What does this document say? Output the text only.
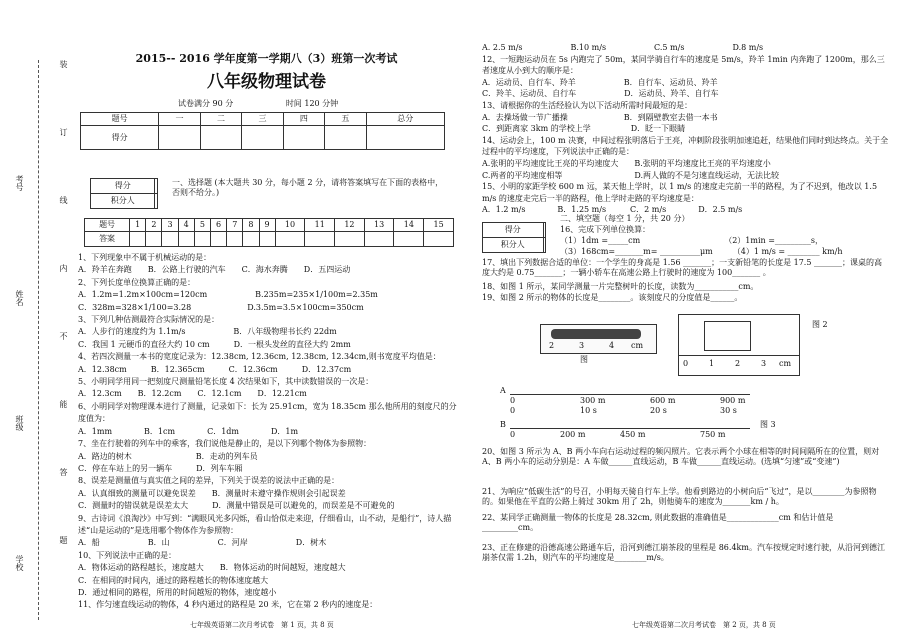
装
订
线
内
不
能
答
题
考号
姓名
班级
学校
2015-- 2016 学年度第一学期八（3）班第一次考试
八年级物理试卷
试卷满分 90 分	时间 120 分钟
题号	一	二	三	四	五	总分
得分						
得分	
积分人	
一、选择题 (本大题共 30 分，每小题 2 分，请将答案填写在下面的表格中，否则不给分。)
题号	1	2	3	4	5	6	7	8	9	10	11	12	13	14	15
答案															
1、下列现象中不属于机械运动的是：
A．羚羊在奔跑　　B．公路上行驶的汽车　　C．海水奔腾　　D．五四运动
2、下列长度单位换算正确的是：
A．1.2m=1.2m×100cm=120cm　　　　　　B.235m=235×1/100m=2.35m
C．328m=328×1/100=3.28　　　　　　　D.3.5m=3.5×100cm=350cm
3、下列几种估测最符合实际情况的是：
A．人步行的速度约为 1.1m/s　　　　　　B．八年级物理书长约 22dm
C．我国 1 元硬币的直径大约 10 cm　　　D．一根头发丝的直径大约 2mm
4、若四次测量一本书的宽度记录为：12.38cm, 12.36cm, 12.38cm, 12.34cm,则书宽度平均值是：
A．12.38cm　　　B．12.365cm　　　C．12.36cm　　　D．12.37cm
5、小明同学用同一把刻度尺测量铅笔长度 4 次结果如下，其中读数错误的一次是：
A．12.3cm　　B．12.2cm　　C．12.1cm　　D．12.21cm
6、小明同学对物理课本进行了测量，记录如下：长为 25.91cm，宽为 18.35cm 那么他所用的刻度尺的分度值为：
A．1mm　　　　B．1cm　　　　C．1dm　　　　D．1m
7、坐在行驶着的列车中的乘客，我们说他是静止的，是以下列哪个物体为参照物：
A．路边的树木　　　　　　　　B．走动的列车员
C．停在车站上的另一辆车　　　D．列车车厢
8、误差是测量值与真实值之间的差异，下列关于误差的说法中正确的是：
A．认真细致的测量可以避免误差　　B．测量时未遵守操作规则会引起误差
C．测量时的错误就是误差太大　　　D．测量中错误是可以避免的，而误差是不可避免的
9、古诗词《浪淘沙》中写到：“满眼风光多闪烁，看山恰似走来迎，仔细看山，山不动，是船行”，诗人描述“山是运动的”是选用哪个物体作为参照物：
A．船　　　　　　B．山　　　　　　C．河岸　　　　　　D．树木
10、下列说法中正确的是：
A．物体运动的路程越长，速度越大　　B．物体运动的时间越短，速度越大
C．在相同的时间内，通过的路程越长的物体速度越大
D．通过相同的路程，所用的时间越短的物体，速度越小
11、作匀速直线运动的物体，4 秒内通过的路程是 20 米，它在第 2 秒内的速度是：
A. 2.5 m/s　　　　　　B.10 m/s　　　　　　C.5 m/s　　　　　　D.8 m/s
12、一短跑运动员在 5s 内跑完了 50m，某同学骑自行车的速度是 5m/s，羚羊 1min 内奔跑了 1200m，那么三者速度从小到大的顺序是：
A．运动员、自行车、羚羊　　　　　　B．自行车、运动员、羚羊
C．羚羊、运动员、自行车　　　　　　D．运动员、羚羊、自行车
13、请根据你的生活经验认为以下活动所需时间最短的是：
A．去操场做一节广播操　　　　　　　B．到隔壁教室去借一本书
C．到距离家 3km 的学校上学　　　　　D．眨一下眼睛
14、运动会上，100 m 决赛，中间过程张明落后于王亮，冲刺阶段张明加速追赶，结果他们同时到达终点。关于全过程中的平均速度，下列说法中正确的是：
A.张明的平均速度比王亮的平均速度大　　B.张明的平均速度比王亮的平均速度小
C.两者的平均速度相等　　　　　　　　　D.两人做的不是匀速直线运动，无法比较
15、小明的家距学校 600 m 远，某天他上学时，以 1 m/s 的速度走完前一半的路程，为了不迟到，他改以 1.5 m/s 的速度走完后一半的路程，他上学时走路的平均速度是：
A．1.2 m/s　　　　B．1.25 m/s　　　C．2 m/s　　　　D．2.5 m/s
得分	
积分人	
二、填空题（每空 1 分，共 20 分）
16、完成下列单位换算：
（1）1dm =_____cm　　　　　　　　　　　（2）1min =_________s，
（3）168cm=_______m= __________μm　　　（4）1 m/s = ________ km/h
17、填出下列数据合适的单位：一个学生的身高是 1.56 _______；一支新铅笔的长度是 17.5 _______；课桌的高度大约是 0.75_______；一辆小轿车在高速公路上行驶时的速度为 100_______ 。
18、如图 1 所示，某同学测量一片完整树叶的长度，读数为___________cm。
19、如图 2 所示的物体的长度是________。该刻度尺的分度值是______。
2	3	4 cm
图	0	1	2	3 cm
图 2
0	300 m	600 m	900 m
0	10 s	20 s	30 s
A
B
0	200 m	450 m	750 m
图 3
20、如图 3 所示为 A、B 两小车向右运动过程的频闪照片。它表示两个小球在相等的时间间隔所在的位置，则对 A、B 两小车的运动分别是：A 车做______直线运动，B 车做______直线运动。(选填“匀速”或“变速”)
21、为响应“低碳生活”的号召，小明每天骑自行车上学。他看到路边的小树向后“飞过”，是以________为参照物的。如果他在平直的公路上骑过 30km 用了 2h，则他骑车的速度为_______km / h。
22、某同学正确测量一物体的长度是 28.32cm, 则此数据的准确值是_____________cm 和估计值是_________cm。
23、正在修建的沿德高速公路通车后，沿河到德江崩茶段的里程是 86.4km。汽车按规定时速行驶，从沿河到德江崩茶仅需 1.2h，则汽车的平均速度是________m/s。
七年级英语第二次月考试卷　第 1 页，共 8 页	七年级英语第二次月考试卷　第 2 页，共 8 页
